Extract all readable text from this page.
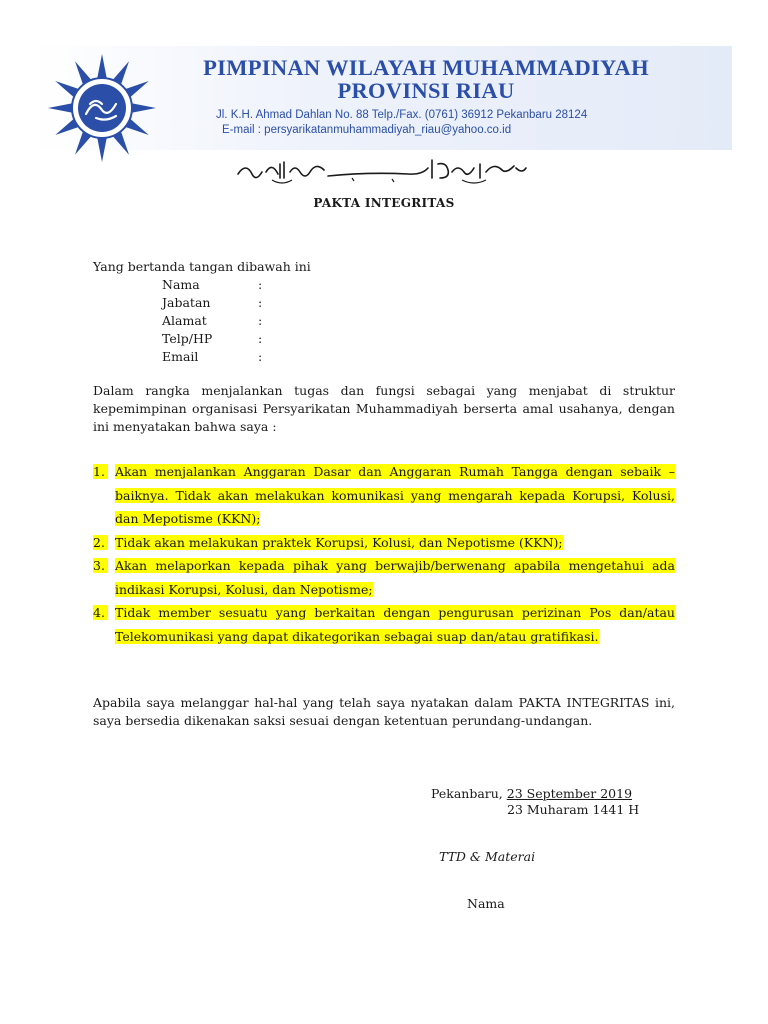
PIMPINAN WILAYAH MUHAMMADIYAH
PROVINSI RIAU
Jl. K.H. Ahmad Dahlan No. 88 Telp./Fax. (0761) 36912 Pekanbaru 28124
E-mail : persyarikatanmuhammadiyah_riau@yahoo.co.id
PAKTA INTEGRITAS
Yang bertanda tangan dibawah ini
Nama	:
Jabatan	:
Alamat	:
Telp/HP	:
Email	:
Dalam rangka menjalankan tugas dan fungsi sebagai yang menjabat di struktur kepemimpinan organisasi Persyarikatan Muhammadiyah berserta amal usahanya, dengan ini menyatakan bahwa saya :
1. Akan menjalankan Anggaran Dasar dan Anggaran Rumah Tangga dengan sebaik – baiknya. Tidak akan melakukan komunikasi yang mengarah kepada Korupsi, Kolusi, dan Mepotisme (KKN);
2. Tidak akan melakukan praktek Korupsi, Kolusi, dan Nepotisme (KKN);
3. Akan melaporkan kepada pihak yang berwajib/berwenang apabila mengetahui ada indikasi Korupsi, Kolusi, dan Nepotisme;
4. Tidak member sesuatu yang berkaitan dengan pengurusan perizinan Pos dan/atau Telekomunikasi yang dapat dikategorikan sebagai suap dan/atau gratifikasi.
Apabila saya melanggar hal-hal yang telah saya nyatakan dalam PAKTA INTEGRITAS ini, saya bersedia dikenakan saksi sesuai dengan ketentuan perundang-undangan.
Pekanbaru, 23 September 2019
23 Muharam 1441 H
TTD & Materai
Nama
